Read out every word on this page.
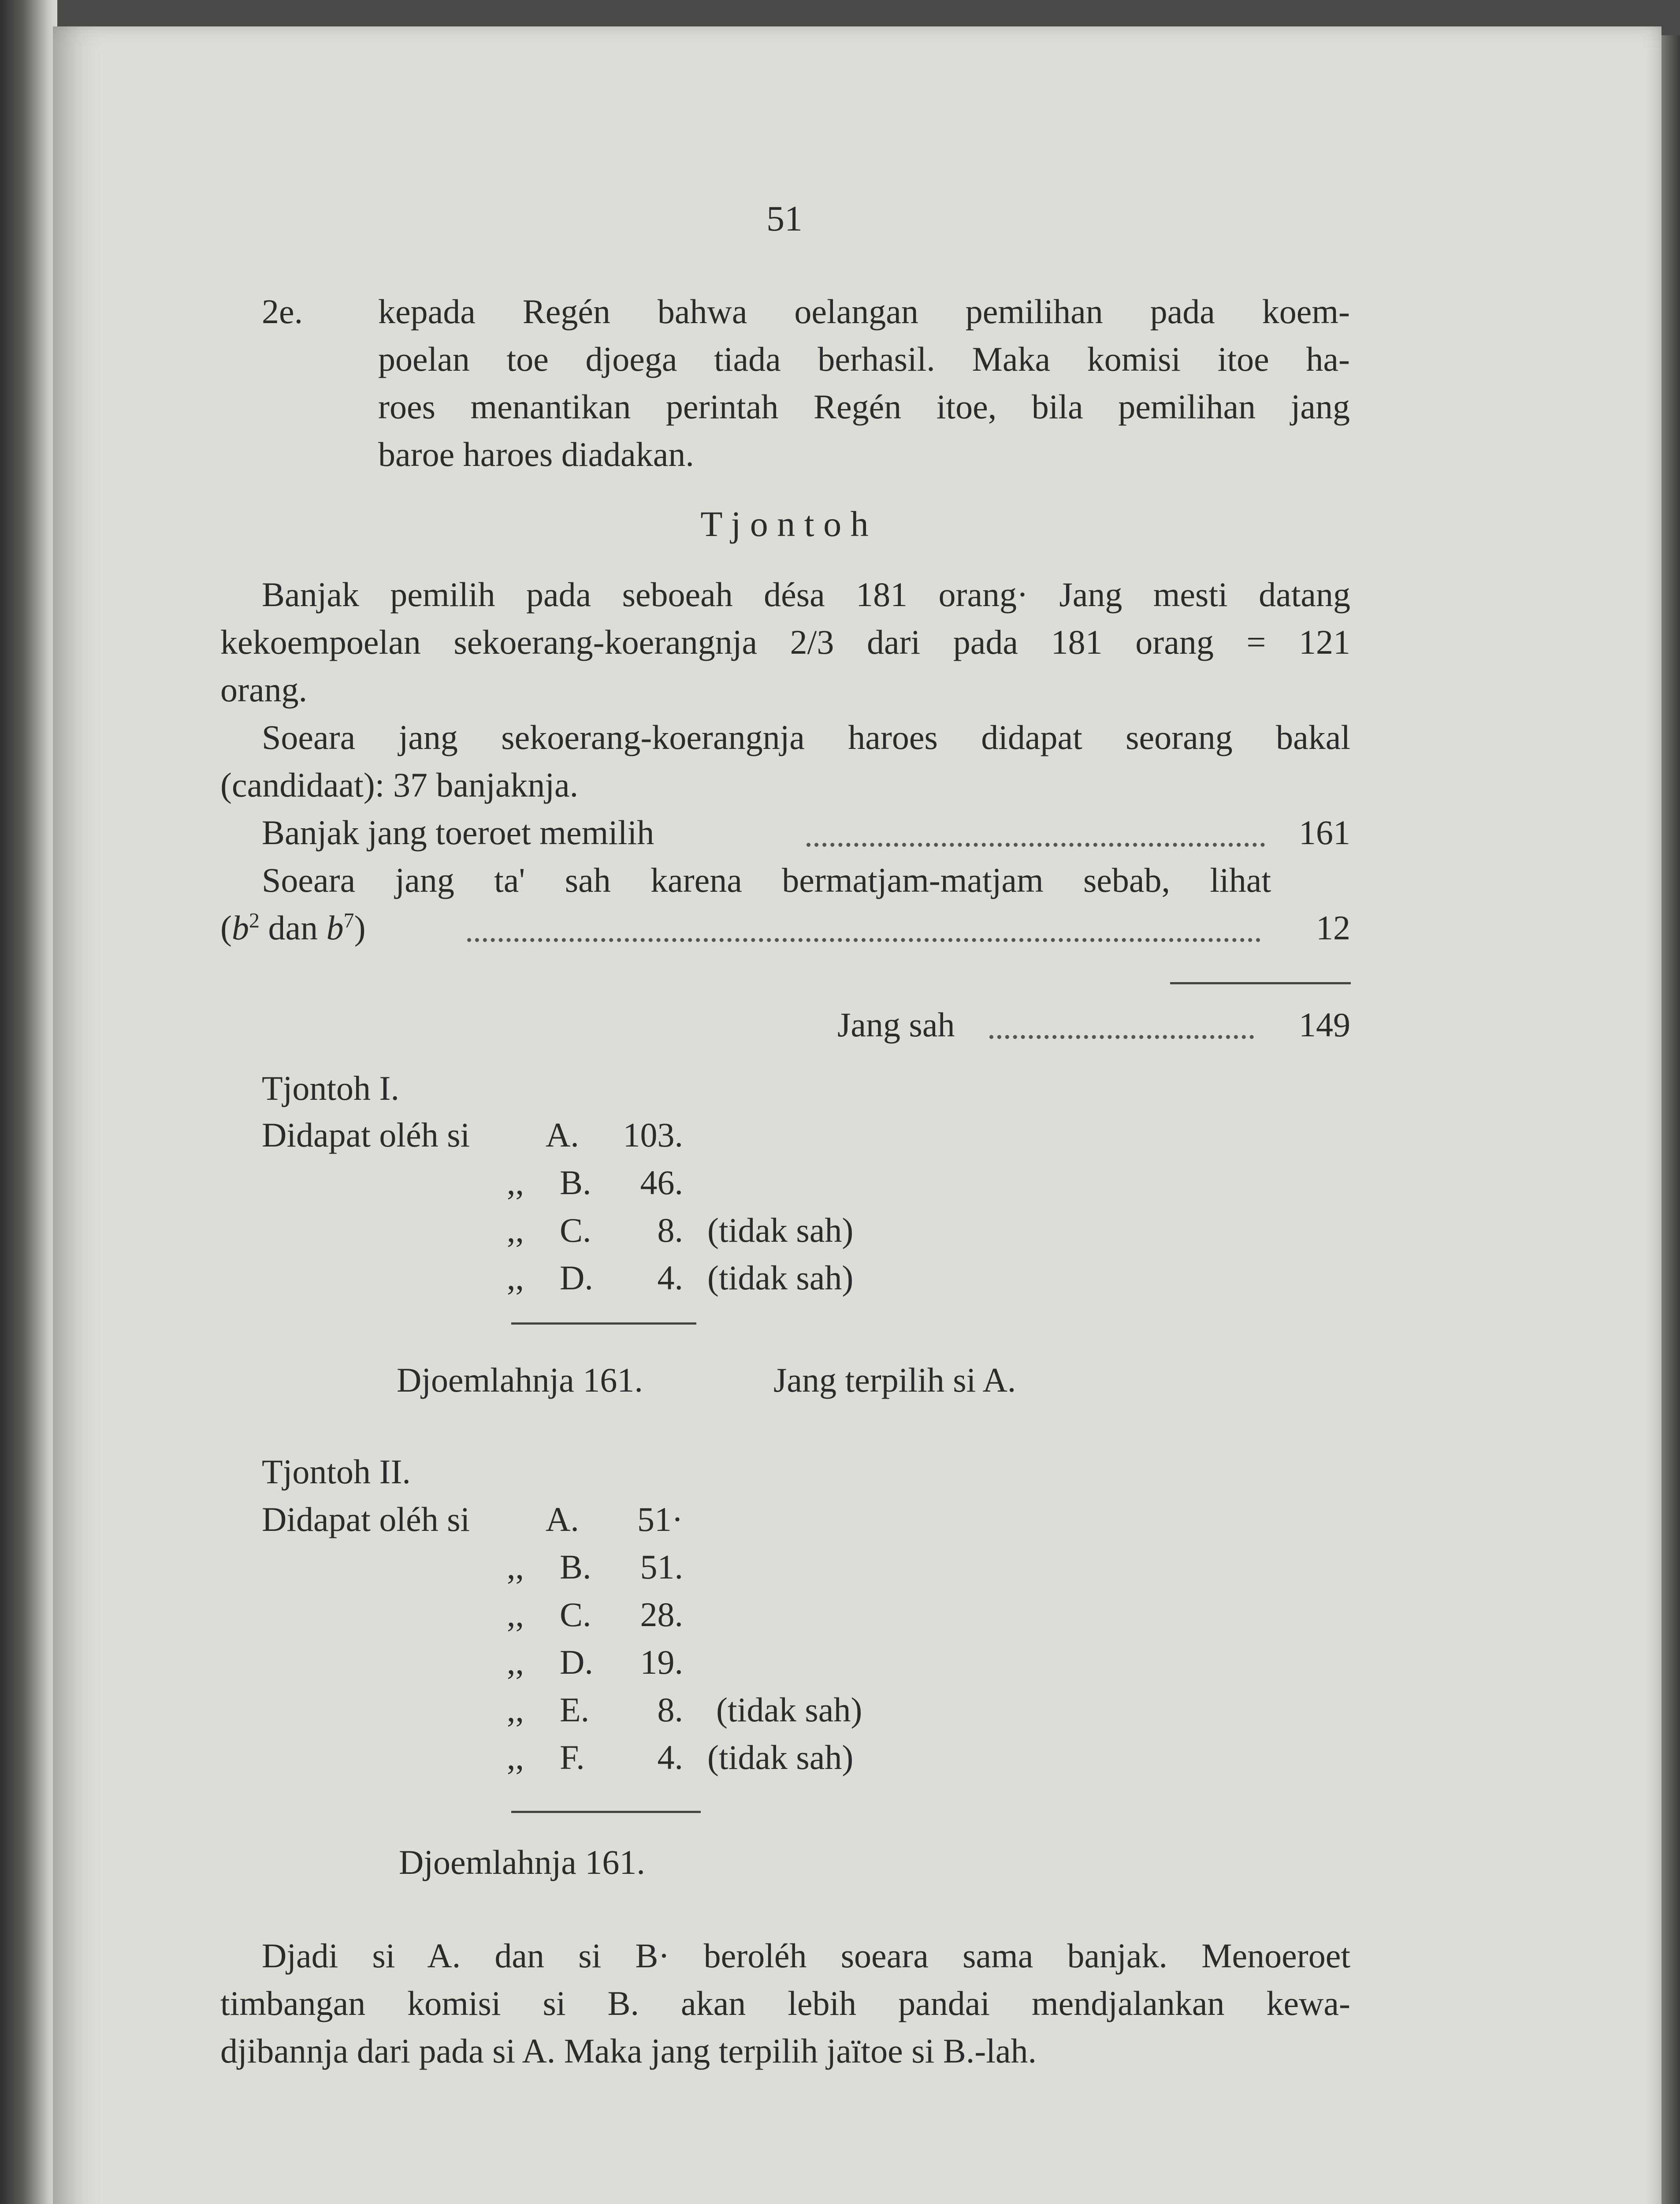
51
2e. kepada Regén bahwa oelangan pemilihan pada koem-
poelan toe djoega tiada berhasil. Maka komisi itoe ha-
roes menantikan perintah Regén itoe, bila pemilihan jang
baroe haroes diadakan.
T j o n t o h
Banjak pemilih pada seboeah désa 181 orang· Jang mesti datang
kekoempoelan sekoerang-koerangnja 2/3 dari pada 181 orang = 121
orang.
Soeara jang sekoerang-koerangnja haroes didapat seorang bakal
(candidaat): 37 banjaknja.
Banjak jang toeroet memilih	161
Soeara jang ta' sah karena bermatjam-matjam sebab, lihat
($b^2$ dan $b^7$)	12
Jang sah	149
Tjontoh I.
Didapat oléh si A.	103.
,, B.	46.
,, C.	8. (tidak sah)
,, D.	4. (tidak sah)
Djoemlahnja 161.	Jang terpilih si A.
Tjontoh II.
Didapat oléh si A.	51·
,, B.	51.
,, C.	28.
,, D.	19.
,, E.	8. (tidak sah)
,, F.	4. (tidak sah)
Djoemlahnja 161.
Djadi si A. dan si B· beroléh soeara sama banjak. Menoeroet
timbangan komisi si B. akan lebih pandai mendjalankan kewa-
djibannja dari pada si A. Maka jang terpilih jaïtoe si B.-lah.
